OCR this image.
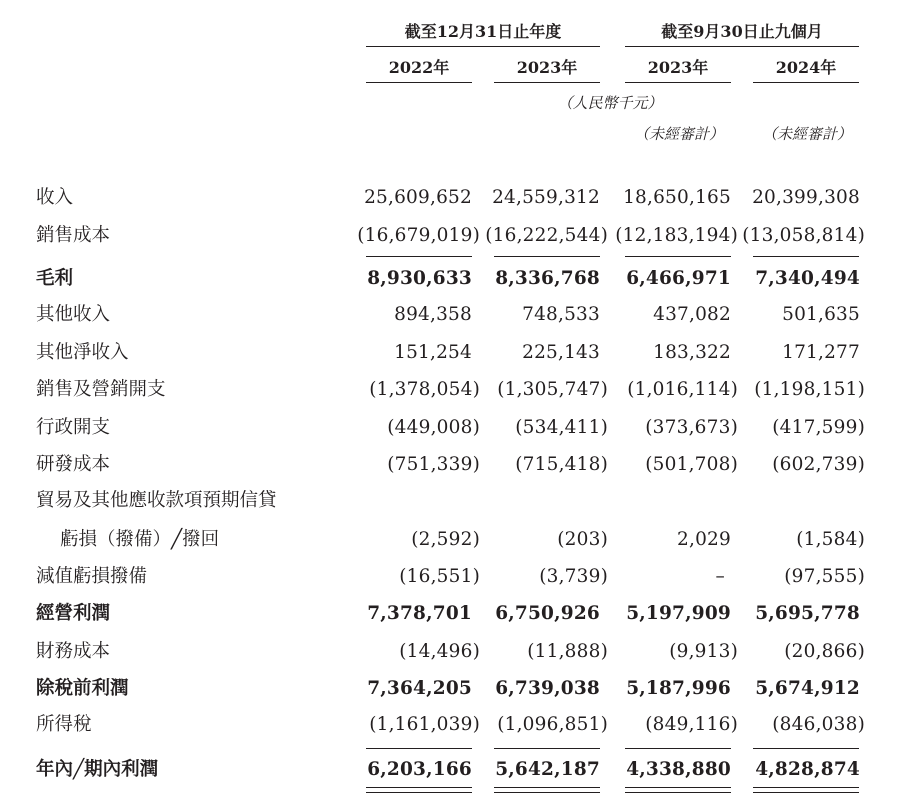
截至12月31日止年度	截至9月30日止九個月
2022年	2023年	2023年	2024年
（人民幣千元）
（未經審計）	（未經審計）
收入 . . .	25,609,652 24,559,312 18,650,165 20,399,308
銷售成本 . . .	(16,679,019) (16,222,544) (12,183,194) (13,058,814)
毛利 . . .	8,930,633 8,336,768 6,466,971 7,340,494
其他收入 . . .	894,358	748,533	437,082	501,635
其他淨收入 . . .	151,254	225,143	183,322	171,277
銷售及營銷開支 . . .	(1,378,054) (1,305,747) (1,016,114) (1,198,151)
行政開支 . . .	(449,008) (534,411) (373,673) (417,599)
研發成本 . . .	(751,339) (715,418) (501,708) (602,739)
貿易及其他應收款項預期信貸
虧損（撥備）╱撥回 . . .	(2,592)	(203)	2,029	(1,584)
減值虧損撥備 . . .	(16,551)	(3,739)	–	(97,555)
經營利潤 . . .	7,378,701 6,750,926 5,197,909 5,695,778
財務成本 . . .	(14,496)	(11,888)	(9,913) (20,866)
除稅前利潤 . . .	7,364,205 6,739,038 5,187,996 5,674,912
所得稅 . . .	(1,161,039) (1,096,851) (849,116) (846,038)
年內╱期內利潤 . . .	6,203,166 5,642,187 4,338,880 4,828,874
